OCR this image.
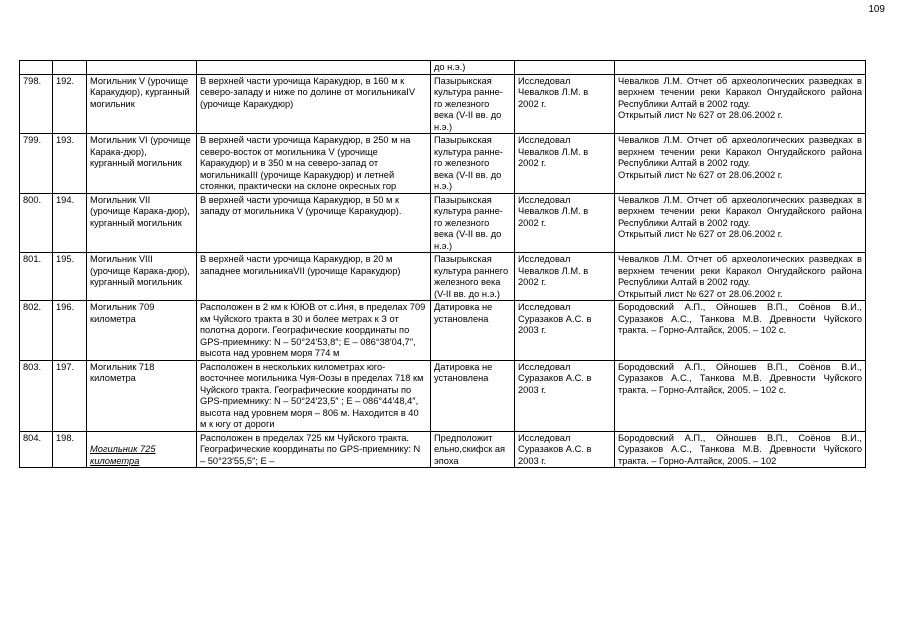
109
				до н.э.)		
798.	192.	Могильник V (урочище Каракудюр), курганный могильник	В верхней части урочища Каракудюр, в 160 м к северо-западу и ниже по долине от могильникаIV (урочище Каракудюр)	Пазырыкская культура ранне-го железного века (V-II вв. до н.э.)	Исследовал Чевалков Л.М. в 2002 г.	Чевалков Л.М. Отчет об археологических разведках в верхнем течении реки Каракол Онгудайского района Республики Алтай в 2002 году.
Открытый лист № 627 от 28.06.2002 г.
799.	193.	Могильник VI (урочище Карака-дюр), курганный могильник	В верхней части урочища Каракудюр, в 250 м на северо-восток от могильника V (урочище Каракудюр) и в 350 м на северо-запад от могильникаIII (урочище Каракудюр) и летней стоянки, практически на склоне окресных гор	Пазырыкская культура ранне-го железного века (V-II вв. до н.э.)	Исследовал Чевалков Л.М. в 2002 г.	Чевалков Л.М. Отчет об археологических разведках в верхнем течении реки Каракол Онгудайского района Республики Алтай в 2002 году.
Открытый лист № 627 от 28.06.2002 г.
800.	194.	Могильник VII (урочище Карака-дюр), курганный могильник	В верхней части урочища Каракудюр, в 50 м к западу от могильника V (урочище Каракудюр).	Пазырыкская культура ранне-го железного века (V-II вв. до н.э.)	Исследовал Чевалков Л.М. в 2002 г.	Чевалков Л.М. Отчет об археологических разведках в верхнем течении реки Каракол Онгудайского района Республики Алтай в 2002 году.
Открытый лист № 627 от 28.06.2002 г.
801.	195.	Могильник VIII (урочище Карака-дюр), курганный могильник	В верхней части урочища Каракудюр, в 20 м западнее могильникаVII (урочище Каракудюр)	Пазырыкская культура раннего железного века (V-II вв. до н.э.)	Исследовал Чевалков Л.М. в 2002 г.	Чевалков Л.М. Отчет об археологических разведках в верхнем течении реки Каракол Онгудайского района Республики Алтай в 2002 году.
Открытый лист № 627 от 28.06.2002 г.
802.	196.	Могильник 709 километра	Расположен в 2 км к ЮЮВ от с.Иня, в пределах 709 км Чуйского тракта в 30 и более метрах к З от полотна дороги. Географические координаты по GPS-приемнику: N – 50°24′53,8″; E – 086°38′04,7″, высота над уровнем моря 774 м	Датировка не установлена	Исследовал Суразаков А.С. в 2003 г.	Бородовский А.П., Ойношев В.П., Соёнов В.И., Суразаков А.С., Танкова М.В. Древности Чуйского тракта. – Горно-Алтайск, 2005. – 102 с.
803.	197.	Могильник 718 километра	Расположен в нескольких километрах юго-восточнее могильника Чуя-Оозы в пределах 718 км Чуйского тракта. Географические координаты по GPS-приемнику: N – 50°24′23,5″ ; E – 086°44′48,4″, высота над уровнем моря – 806 м. Находится в 40 м к югу от дороги	Датировка не установлена	Исследовал Суразаков А.С. в 2003 г.	Бородовский А.П., Ойношев В.П., Соёнов В.И., Суразаков А.С., Танкова М.В. Древности Чуйского тракта. – Горно-Алтайск, 2005. – 102 с.
804.	198.	Могильник 725 километра	Расположен в пределах 725 км Чуйского тракта. Географические координаты по GPS-приемнику: N – 50°23′55,5″; E –	Предположит ельно,скифск ая эпоха	Исследовал Суразаков А.С. в 2003 г.	Бородовский А.П., Ойношев В.П., Соёнов В.И., Суразаков А.С., Танкова М.В. Древности Чуйского тракта. – Горно-Алтайск, 2005. – 102
